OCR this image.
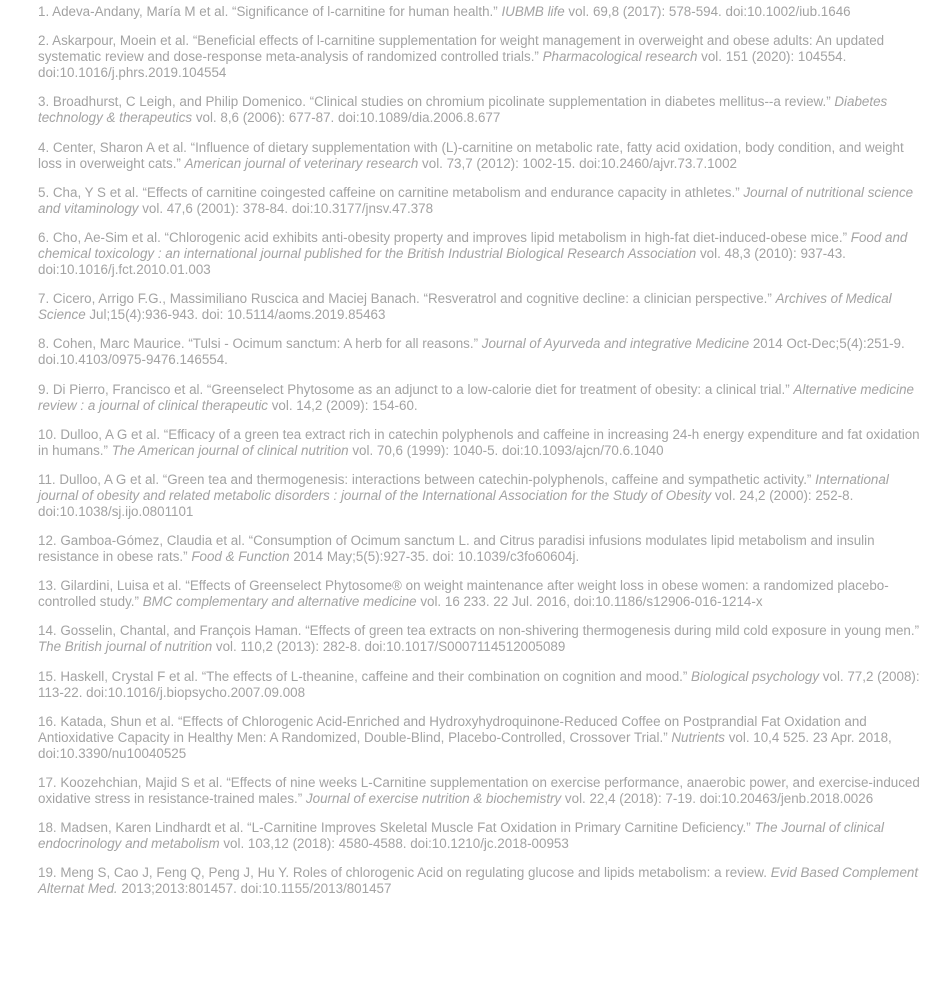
1. Adeva-Andany, María M et al. “Significance of l-carnitine for human health.” IUBMB life vol. 69,8 (2017): 578-594. doi:10.1002/iub.1646

2. Askarpour, Moein et al. “Beneficial effects of l-carnitine supplementation for weight management in overweight and obese adults: An updated systematic review and dose-response meta-analysis of randomized controlled trials.” Pharmacological research vol. 151 (2020): 104554. doi:10.1016/j.phrs.2019.104554

3. Broadhurst, C Leigh, and Philip Domenico. “Clinical studies on chromium picolinate supplementation in diabetes mellitus--a review.” Diabetes technology & therapeutics vol. 8,6 (2006): 677-87. doi:10.1089/dia.2006.8.677

4. Center, Sharon A et al. “Influence of dietary supplementation with (L)-carnitine on metabolic rate, fatty acid oxidation, body condition, and weight loss in overweight cats.” American journal of veterinary research vol. 73,7 (2012): 1002-15. doi:10.2460/ajvr.73.7.1002

5. Cha, Y S et al. “Effects of carnitine coingested caffeine on carnitine metabolism and endurance capacity in athletes.” Journal of nutritional science and vitaminology vol. 47,6 (2001): 378-84. doi:10.3177/jnsv.47.378

6. Cho, Ae-Sim et al. “Chlorogenic acid exhibits anti-obesity property and improves lipid metabolism in high-fat diet-induced-obese mice.” Food and chemical toxicology : an international journal published for the British Industrial Biological Research Association vol. 48,3 (2010): 937-43. doi:10.1016/j.fct.2010.01.003

7. Cicero, Arrigo F.G., Massimiliano Ruscica and Maciej Banach. “Resveratrol and cognitive decline: a clinician perspective.” Archives of Medical Science Jul;15(4):936-943. doi: 10.5114/aoms.2019.85463

8. Cohen, Marc Maurice. “Tulsi - Ocimum sanctum: A herb for all reasons.” Journal of Ayurveda and integrative Medicine 2014 Oct-Dec;5(4):251-9. doi.10.4103/0975-9476.146554.

9. Di Pierro, Francisco et al. “Greenselect Phytosome as an adjunct to a low-calorie diet for treatment of obesity: a clinical trial.” Alternative medicine review : a journal of clinical therapeutic vol. 14,2 (2009): 154-60.

10. Dulloo, A G et al. “Efficacy of a green tea extract rich in catechin polyphenols and caffeine in increasing 24-h energy expenditure and fat oxidation in humans.” The American journal of clinical nutrition vol. 70,6 (1999): 1040-5. doi:10.1093/ajcn/70.6.1040

11. Dulloo, A G et al. “Green tea and thermogenesis: interactions between catechin-polyphenols, caffeine and sympathetic activity.” International journal of obesity and related metabolic disorders : journal of the International Association for the Study of Obesity vol. 24,2 (2000): 252-8. doi:10.1038/sj.ijo.0801101

12. Gamboa-Gómez, Claudia et al. “Consumption of Ocimum sanctum L. and Citrus paradisi infusions modulates lipid metabolism and insulin resistance in obese rats.” Food & Function 2014 May;5(5):927-35. doi: 10.1039/c3fo60604j.

13. Gilardini, Luisa et al. “Effects of Greenselect Phytosome® on weight maintenance after weight loss in obese women: a randomized placebo-controlled study.” BMC complementary and alternative medicine vol. 16 233. 22 Jul. 2016, doi:10.1186/s12906-016-1214-x

14. Gosselin, Chantal, and François Haman. “Effects of green tea extracts on non-shivering thermogenesis during mild cold exposure in young men.” The British journal of nutrition vol. 110,2 (2013): 282-8. doi:10.1017/S0007114512005089

15. Haskell, Crystal F et al. “The effects of L-theanine, caffeine and their combination on cognition and mood.” Biological psychology vol. 77,2 (2008): 113-22. doi:10.1016/j.biopsycho.2007.09.008

16. Katada, Shun et al. “Effects of Chlorogenic Acid-Enriched and Hydroxyhydroquinone-Reduced Coffee on Postprandial Fat Oxidation and Antioxidative Capacity in Healthy Men: A Randomized, Double-Blind, Placebo-Controlled, Crossover Trial.” Nutrients vol. 10,4 525. 23 Apr. 2018, doi:10.3390/nu10040525

17. Koozehchian, Majid S et al. “Effects of nine weeks L-Carnitine supplementation on exercise performance, anaerobic power, and exercise-induced oxidative stress in resistance-trained males.” Journal of exercise nutrition & biochemistry vol. 22,4 (2018): 7-19. doi:10.20463/jenb.2018.0026

18. Madsen, Karen Lindhardt et al. “L-Carnitine Improves Skeletal Muscle Fat Oxidation in Primary Carnitine Deficiency.” The Journal of clinical endocrinology and metabolism vol. 103,12 (2018): 4580-4588. doi:10.1210/jc.2018-00953

19. Meng S, Cao J, Feng Q, Peng J, Hu Y. Roles of chlorogenic Acid on regulating glucose and lipids metabolism: a review. Evid Based Complement Alternat Med. 2013;2013:801457. doi:10.1155/2013/801457
